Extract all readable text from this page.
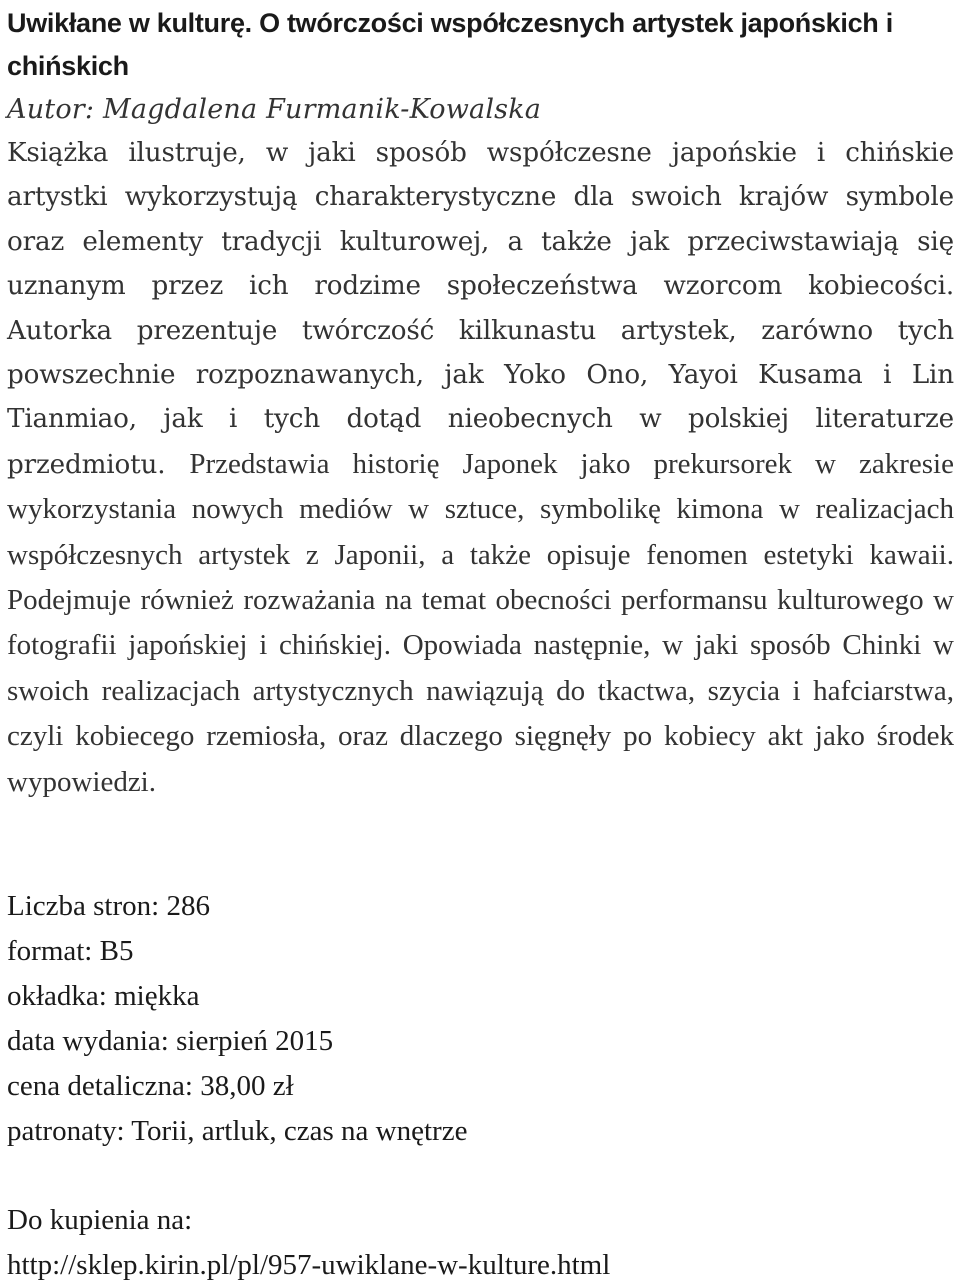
Uwikłane w kulturę. O twórczości współczesnych artystek japońskich i chińskich

Autor: Magdalena Furmanik-Kowalska

Książka ilustruje, w jaki sposób współczesne japońskie i chińskie artystki wykorzystują charakterystyczne dla swoich krajów symbole oraz elementy tradycji kulturowej, a także jak przeciwstawiają się uznanym przez ich rodzime społeczeństwa wzorcom kobiecości. Autorka prezentuje twórczość kilkunastu artystek, zarówno tych powszechnie rozpoznawanych, jak Yoko Ono, Yayoi Kusama i Lin Tianmiao, jak i tych dotąd nieobecnych w polskiej literaturze przedmiotu. Przedstawia historię Japonek jako prekursorek w zakresie wykorzystania nowych mediów w sztuce, symbolikę kimona w realizacjach współczesnych artystek z Japonii, a także opisuje fenomen estetyki kawaii. Podejmuje również rozważania na temat obecności performansu kulturowego w fotografii japońskiej i chińskiej. Opowiada następnie, w jaki sposób Chinki w swoich realizacjach artystycznych nawiązują do tkactwa, szycia i hafciarstwa, czyli kobiecego rzemiosła, oraz dlaczego sięgnęły po kobiecy akt jako środek wypowiedzi.

Liczba stron: 286
format: B5
okładka: miękka
data wydania: sierpień 2015
cena detaliczna: 38,00 zł
patronaty: Torii, artluk, czas na wnętrze
Do kupienia na:
http://sklep.kirin.pl/pl/957-uwiklane-w-kulture.html
